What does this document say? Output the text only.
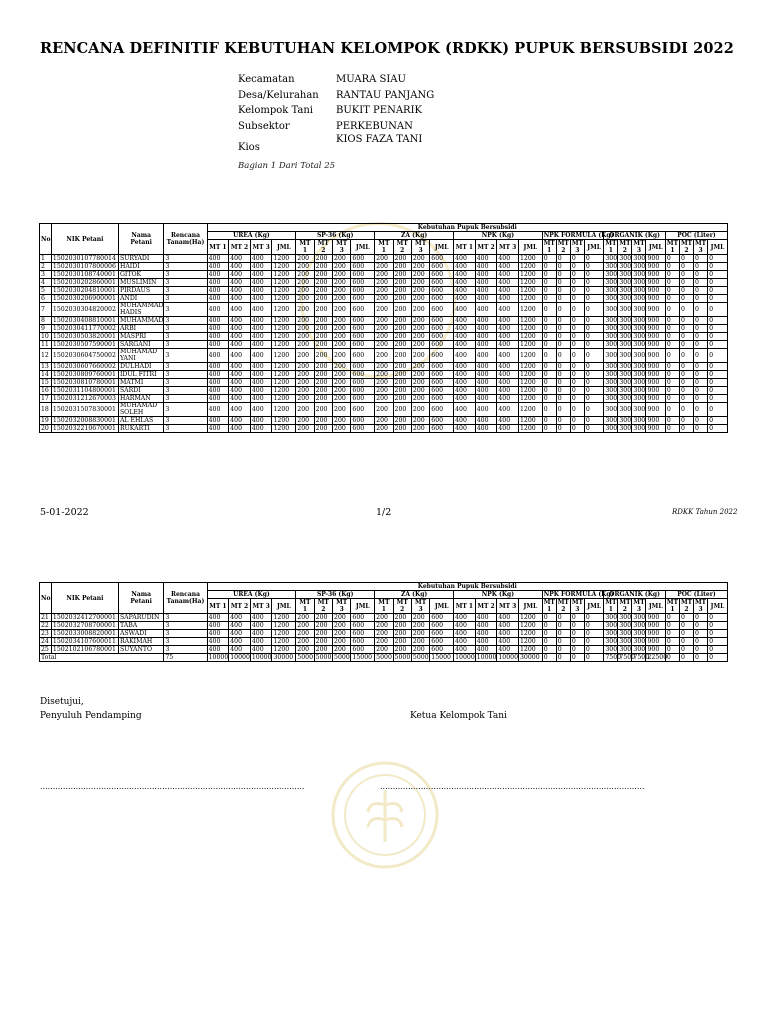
RENCANA DEFINITIF KEBUTUHAN KELOMPOK (RDKK) PUPUK BERSUBSIDI 2022
Kecamatan	MUARA SIAU
Desa/Kelurahan	RANTAU PANJANG
Kelompok Tani	BUKIT PENARIK
Subsektor	PERKEBUNAN
Kios
KIOS FAZA TANI
Bagian 1 Dari Total 25
No	NIK Petani	Nama Petani	Rencana Tanam(Ha)	Kebutuhan Pupuk Bersubsidi																											
				UREA (Kg)				SP-36 (Kg)				ZA (Kg)				NPK (Kg)				NPK FORMULA (Kg)				ORGANIK (Kg)				POC (Liter)			
				MT 1	MT 2	MT 3	JML	MT 1	MT 2	MT 3	JML	MT 1	MT 2	MT 3	JML	MT 1	MT 2	MT 3	JML	MT 1	MT 2	MT 3	JML	MT 1	MT 2	MT 3	JML	MT 1	MT 2	MT 3	JML
1	1502030107780014	SURYADI	3	400	400	400	1200	200	200	200	600	200	200	200	600	400	400	400	1200	0	0	0	0	300	300	300	900	0	0	0	0
2	1502030107800006	HAIDI	3	400	400	400	1200	200	200	200	600	200	200	200	600	400	400	400	1200	0	0	0	0	300	300	300	900	0	0	0	0
3	1502030108740001	GITOK	3	400	400	400	1200	200	200	200	600	200	200	200	600	400	400	400	1200	0	0	0	0	300	300	300	900	0	0	0	0
4	1502030202860001	MUSLIMIN	3	400	400	400	1200	200	200	200	600	200	200	200	600	400	400	400	1200	0	0	0	0	300	300	300	900	0	0	0	0
5	1502030204810001	PIRDAUS	3	400	400	400	1200	200	200	200	600	200	200	200	600	400	400	400	1200	0	0	0	0	300	300	300	900	0	0	0	0
6	1502030206900001	ANDI	3	400	400	400	1200	200	200	200	600	200	200	200	600	400	400	400	1200	0	0	0	0	300	300	300	900	0	0	0	0
7	1502030304820002	MUHAMMAD HADIS	3	400	400	400	1200	200	200	200	600	200	200	200	600	400	400	400	1200	0	0	0	0	300	300	300	900	0	0	0	0
8	1502030408810001	MUHAMMAD	3	400	400	400	1200	200	200	200	600	200	200	200	600	400	400	400	1200	0	0	0	0	300	300	300	900	0	0	0	0
9	1502030411770002	ARBI	3	400	400	400	1200	200	200	200	600	200	200	200	600	400	400	400	1200	0	0	0	0	300	300	300	900	0	0	0	0
10	1502030503820001	MASPRI	3	400	400	400	1200	200	200	200	600	200	200	200	600	400	400	400	1200	0	0	0	0	300	300	300	900	0	0	0	0
11	1502030507590001	SARGANI	3	400	400	400	1200	200	200	200	600	200	200	200	600	400	400	400	1200	0	0	0	0	300	300	300	900	0	0	0	0
12	1502030604750002	MUHAMAD YANI	3	400	400	400	1200	200	200	200	600	200	200	200	600	400	400	400	1200	0	0	0	0	300	300	300	900	0	0	0	0
13	1502030607660002	DULHADI	3	400	400	400	1200	200	200	200	600	200	200	200	600	400	400	400	1200	0	0	0	0	300	300	300	900	0	0	0	0
14	1502030809760001	IDUL FITRI	3	400	400	400	1200	200	200	200	600	200	200	200	600	400	400	400	1200	0	0	0	0	300	300	300	900	0	0	0	0
15	1502030810780001	MATMI	3	400	400	400	1200	200	200	200	600	200	200	200	600	400	400	400	1200	0	0	0	0	300	300	300	900	0	0	0	0
16	1502031104800001	SARDI	3	400	400	400	1200	200	200	200	600	200	200	200	600	400	400	400	1200	0	0	0	0	300	300	300	900	0	0	0	0
17	1502031212670003	HARMAN	3	400	400	400	1200	200	200	200	600	200	200	200	600	400	400	400	1200	0	0	0	0	300	300	300	900	0	0	0	0
18	1502031507830001	MUHAMAD SOLEH	3	400	400	400	1200	200	200	200	600	200	200	200	600	400	400	400	1200	0	0	0	0	300	300	300	900	0	0	0	0
19	1502032008830001	AL EHLAS	3	400	400	400	1200	200	200	200	600	200	200	200	600	400	400	400	1200	0	0	0	0	300	300	300	900	0	0	0	0
20	1502032210670001	RUKARTI	3	400	400	400	1200	200	200	200	600	200	200	200	600	400	400	400	1200	0	0	0	0	300	300	300	900	0	0	0	0
5-01-2022	1/2	RDKK Tahun 2022
No	NIK Petani	Nama Petani	Rencana Tanam(Ha)	Kebutuhan Pupuk Bersubsidi																											
				UREA (Kg)				SP-36 (Kg)				ZA (Kg)				NPK (Kg)				NPK FORMULA (Kg)				ORGANIK (Kg)				POC (Liter)			
				MT 1	MT 2	MT 3	JML	MT 1	MT 2	MT 3	JML	MT 1	MT 2	MT 3	JML	MT 1	MT 2	MT 3	JML	MT 1	MT 2	MT 3	JML	MT 1	MT 2	MT 3	JML	MT 1	MT 2	MT 3	JML
21	1502032412700001	SAPARUDIN	3	400	400	400	1200	200	200	200	600	200	200	200	600	400	400	400	1200	0	0	0	0	300	300	300	900	0	0	0	0
22	1502032708700001	TABA	3	400	400	400	1200	200	200	200	600	200	200	200	600	400	400	400	1200	0	0	0	0	300	300	300	900	0	0	0	0
23	1502033008820001	ASWADI	3	400	400	400	1200	200	200	200	600	200	200	200	600	400	400	400	1200	0	0	0	0	300	300	300	900	0	0	0	0
24	1502034107600011	RAKIMAH	3	400	400	400	1200	200	200	200	600	200	200	200	600	400	400	400	1200	0	0	0	0	300	300	300	900	0	0	0	0
25	1502102106780001	SUYANTO	3	400	400	400	1200	200	200	200	600	200	200	200	600	400	400	400	1200	0	0	0	0	300	300	300	900	0	0	0	0
Total			75	10000	10000	10000	30000	5000	5000	5000	15000	5000	5000	5000	15000	10000	10000	10000	30000	0	0	0	0	7500	7500	7500	22500	0	0	0	0
Disetujui,
Penyuluh Pendamping	Ketua Kelompok Tani
........................................................................................................	........................................................................................................
